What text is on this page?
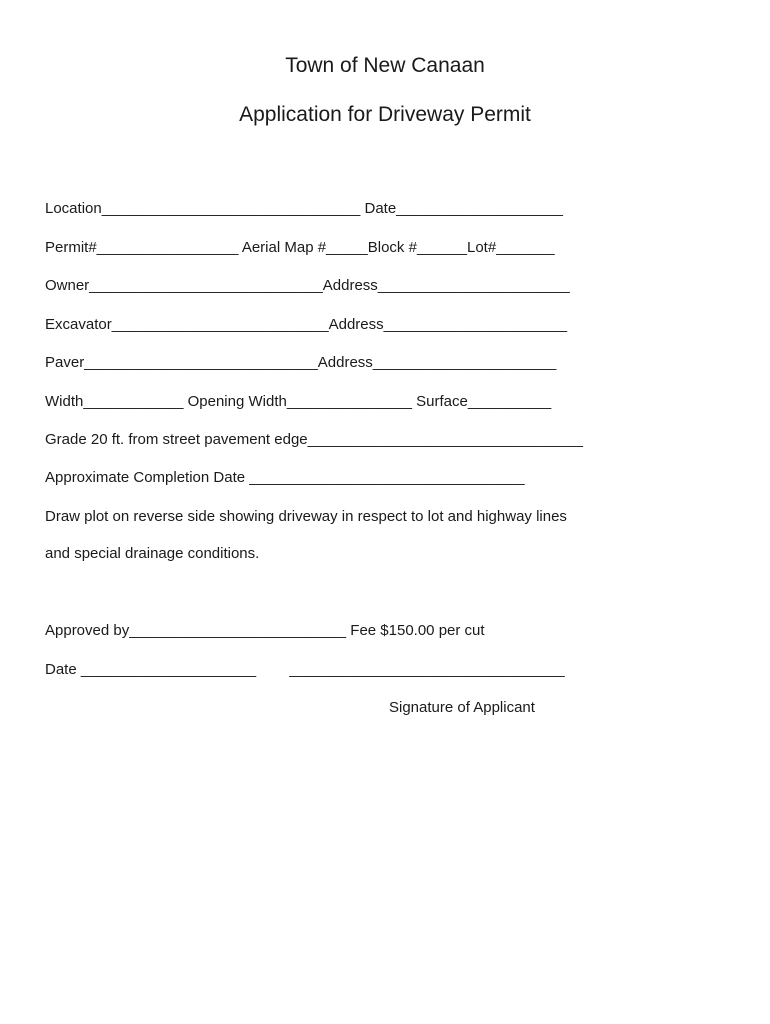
Town of New Canaan
Application for Driveway Permit

Location_______________________________ Date____________________

Permit#_________________ Aerial Map #_____Block #______Lot#_______

Owner____________________________Address_______________________

Excavator__________________________Address______________________

Paver____________________________Address______________________

Width____________ Opening Width_______________ Surface__________

Grade 20 ft. from street pavement edge_________________________________

Approximate Completion Date _________________________________

Draw plot on reverse side showing driveway in respect to lot and highway lines

and special drainage conditions.

Approved by__________________________ Fee $150.00 per cut

Date _____________________        _________________________________

Signature of Applicant
